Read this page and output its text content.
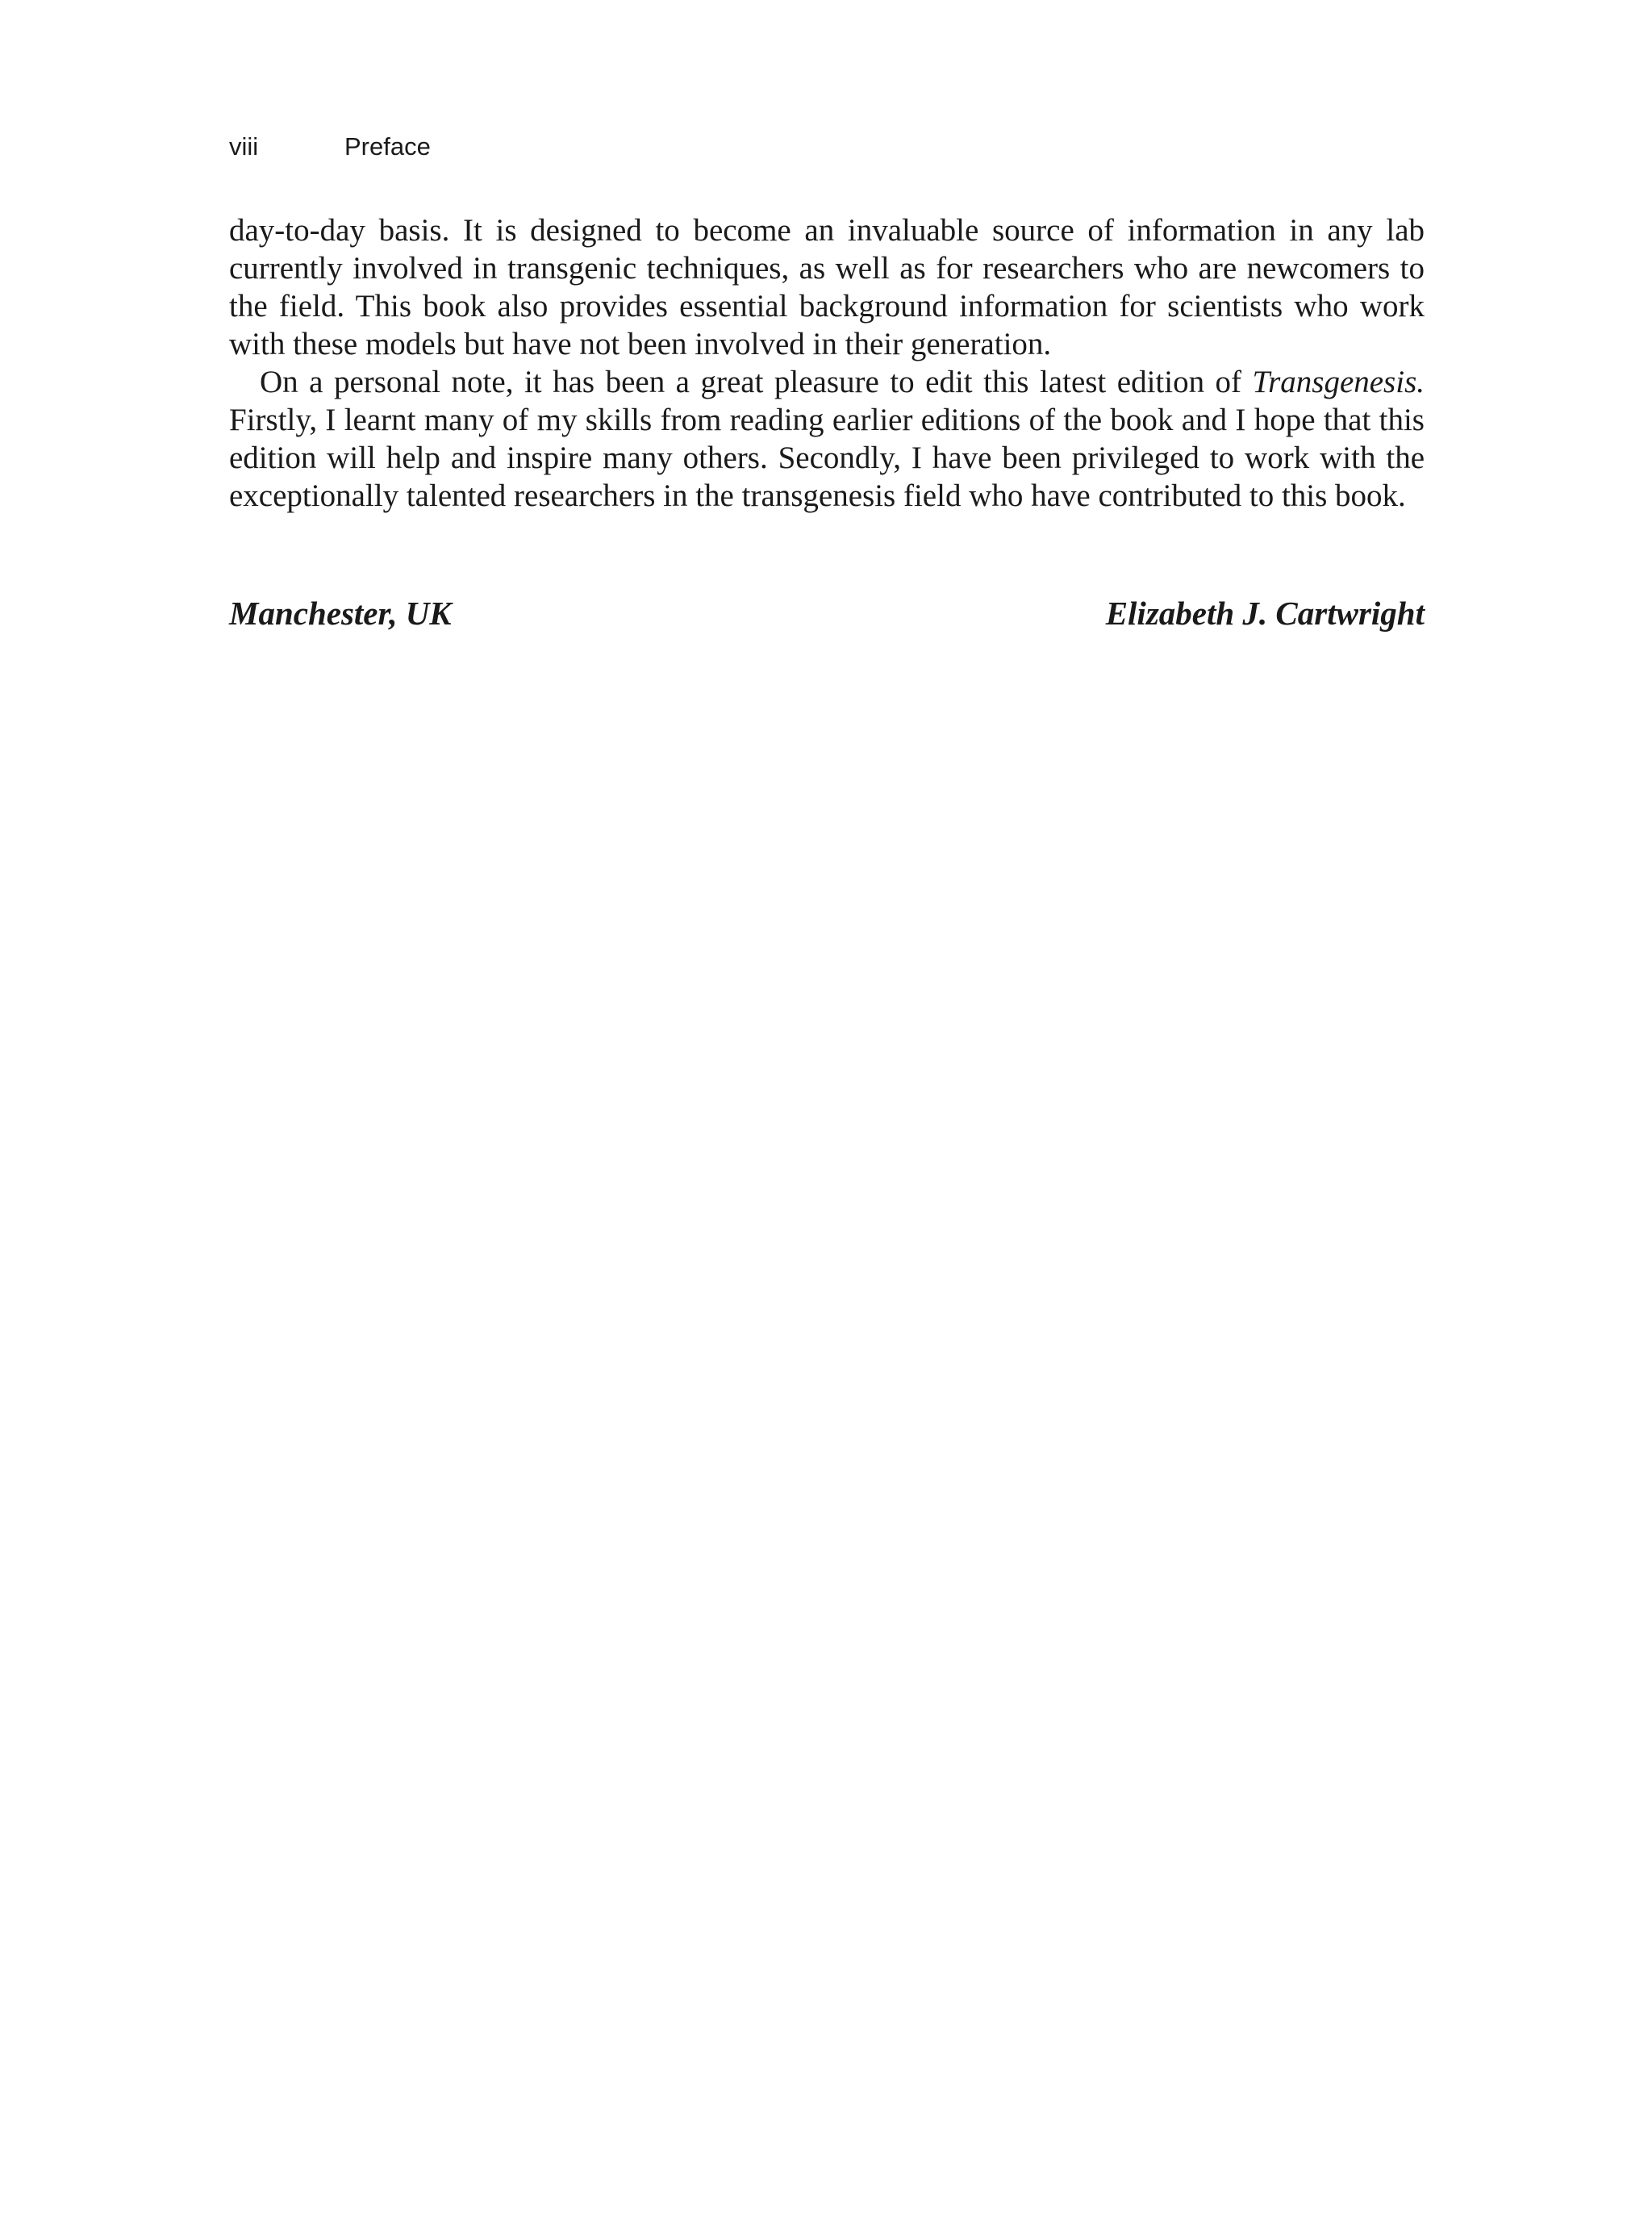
viii	Preface

day-to-day basis. It is designed to become an invaluable source of information in any lab currently involved in transgenic techniques, as well as for researchers who are newcomers to the field. This book also provides essential background information for scientists who work with these models but have not been involved in their generation.

On a personal note, it has been a great pleasure to edit this latest edition of Transgenesis. Firstly, I learnt many of my skills from reading earlier editions of the book and I hope that this edition will help and inspire many others. Secondly, I have been privileged to work with the exceptionally talented researchers in the transgenesis field who have contributed to this book.

Manchester, UK	Elizabeth J. Cartwright
